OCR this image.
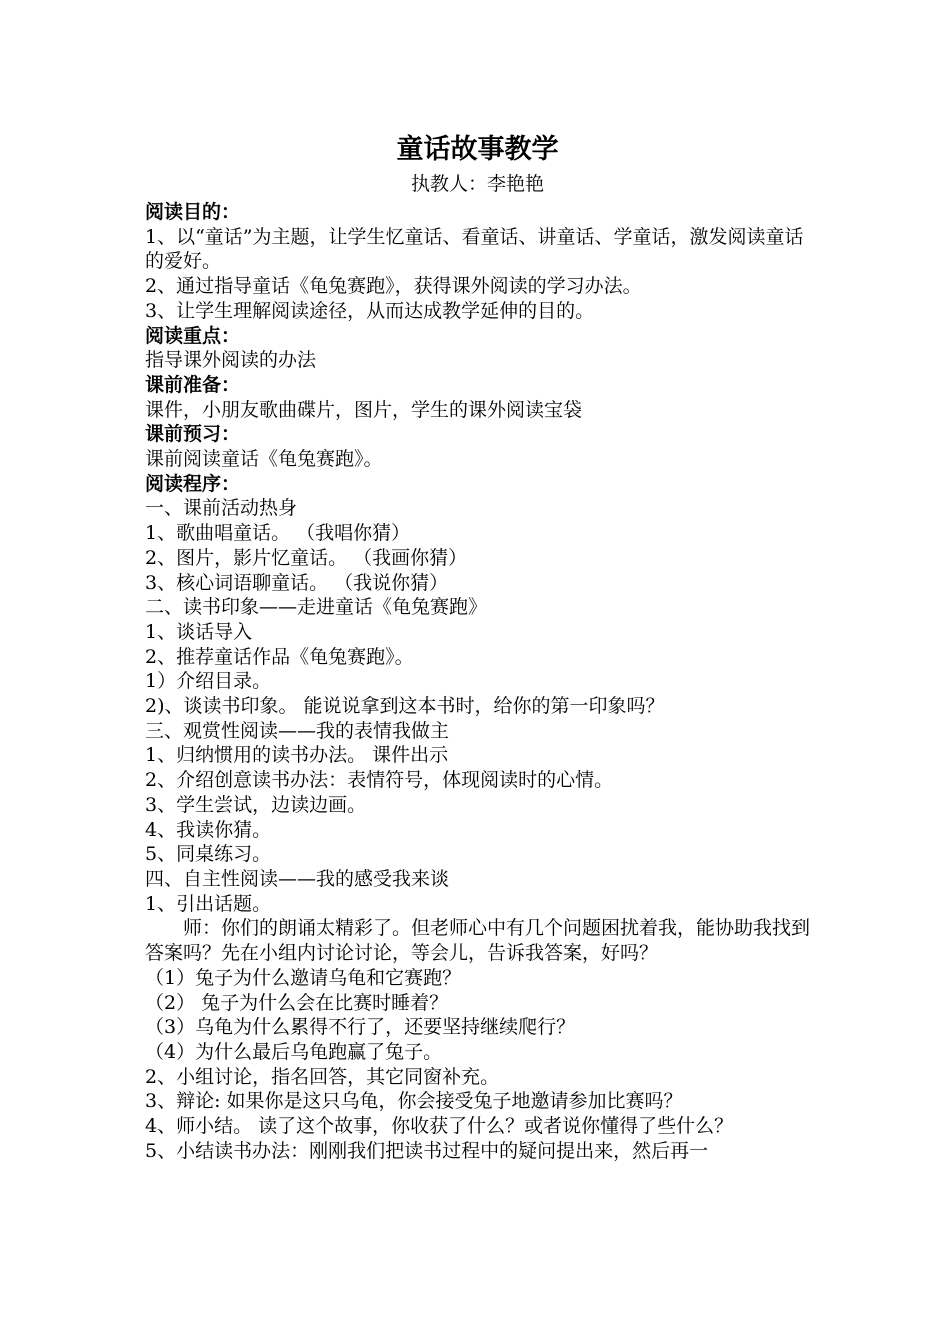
童话故事教学

执教人：李艳艳

阅读目的：

1、以“童话”为主题，让学生忆童话、看童话、讲童话、学童话，激发阅读童话的爱好。

2、通过指导童话《龟兔赛跑》，获得课外阅读的学习办法。

3、让学生理解阅读途径，从而达成教学延伸的目的。

阅读重点：

指导课外阅读的办法

课前准备：

课件，小朋友歌曲碟片，图片，学生的课外阅读宝袋

课前预习：

课前阅读童话《龟兔赛跑》。

阅读程序：

一、课前活动热身

1、歌曲唱童话。 （我唱你猜）

2、图片，影片忆童话。 （我画你猜）

3、核心词语聊童话。 （我说你猜）

二、读书印象——走进童话《龟兔赛跑》

1、谈话导入

2、推荐童话作品《龟兔赛跑》。

1）介绍目录。

2)、谈读书印象。 能说说拿到这本书时，给你的第一印象吗？

三、观赏性阅读——我的表情我做主

1、归纳惯用的读书办法。 课件出示

2、介绍创意读书办法：表情符号，体现阅读时的心情。

3、学生尝试，边读边画。

4、我读你猜。

5、同桌练习。

四、自主性阅读——我的感受我来谈

1、引出话题。

师：你们的朗诵太精彩了。但老师心中有几个问题困扰着我，能协助我找到答案吗？先在小组内讨论讨论，等会儿，告诉我答案，好吗？

（1）兔子为什么邀请乌龟和它赛跑？

（2） 兔子为什么会在比赛时睡着？

（3）乌龟为什么累得不行了，还要坚持继续爬行？

（4）为什么最后乌龟跑赢了兔子。

2、小组讨论，指名回答，其它同窗补充。

3、辩论: 如果你是这只乌龟，你会接受兔子地邀请参加比赛吗？

4、师小结。 读了这个故事，你收获了什么？或者说你懂得了些什么？

5、小结读书办法：刚刚我们把读书过程中的疑问提出来，然后再一
